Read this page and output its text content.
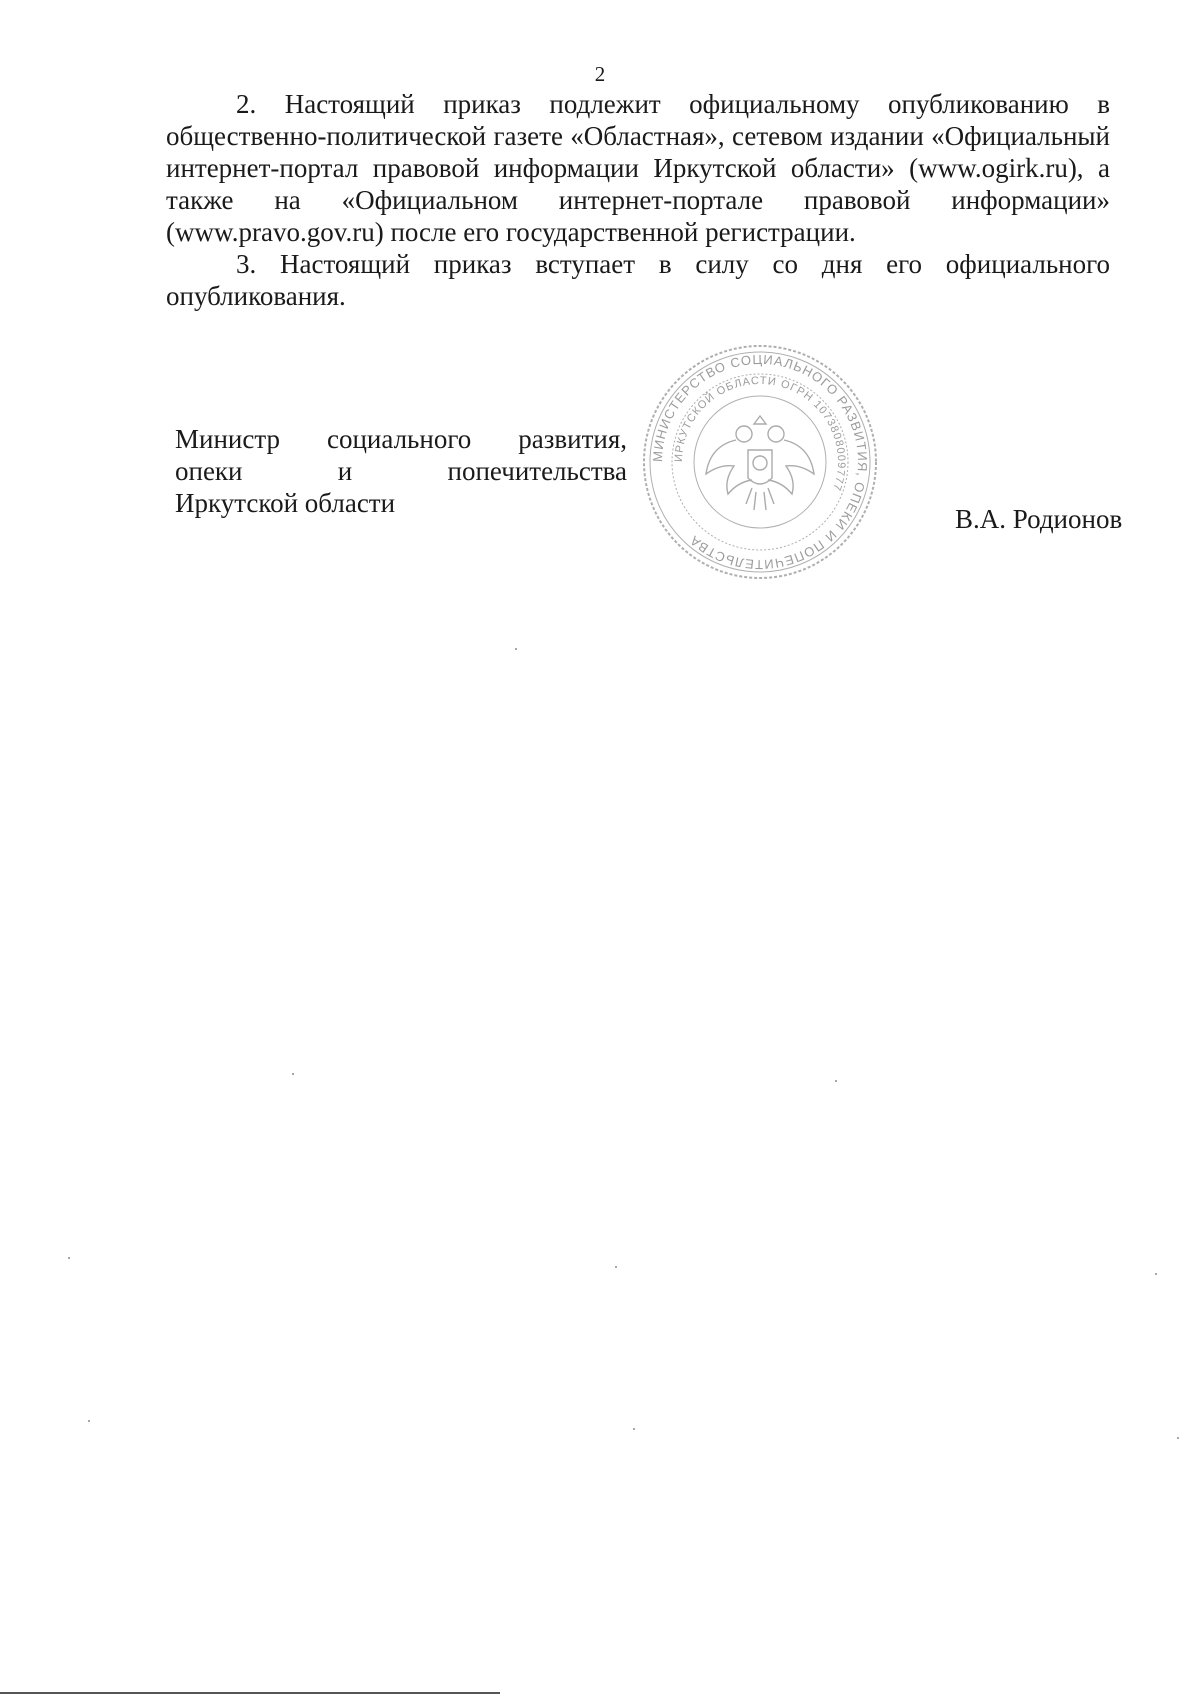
2

2. Настоящий приказ подлежит официальному опубликованию в общественно-политической газете «Областная», сетевом издании «Официальный интернет-портал правовой информации Иркутской области» (www.ogirk.ru), а также на «Официальном интернет-портале правовой информации» (www.pravo.gov.ru) после его государственной регистрации.

3. Настоящий приказ вступает в силу со дня его официального опубликования.

Министр социального развития,
опеки и попечительства
Иркутской области
МИНИСТЕРСТВО СОЦИАЛЬНОГО РАЗВИТИЯ, ОПЕКИ И ПОПЕЧИТЕЛЬСТВА
ИРКУТСКОЙ ОБЛАСТИ ОГРН 1073808009777
В.А. Родионов
